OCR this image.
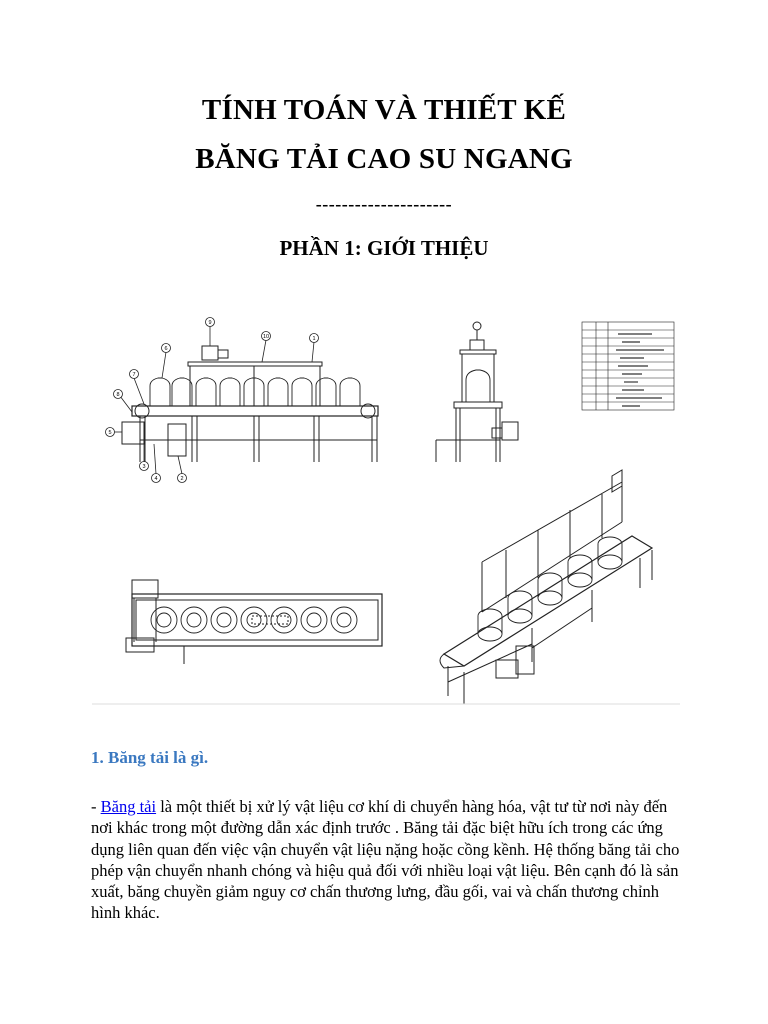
TÍNH TOÁN VÀ THIẾT KẾ
BĂNG TẢI CAO SU NGANG
---------------------
PHẦN 1: GIỚI THIỆU
9
10	1
6
7
8
5
3
4	2
1. Băng tải là gì.
- Băng tải là một thiết bị xử lý vật liệu cơ khí di chuyển hàng hóa, vật tư từ nơi này đến nơi khác trong một đường dẫn xác định trước . Băng tải đặc biệt hữu ích trong các ứng dụng liên quan đến việc vận chuyển vật liệu nặng hoặc cồng kềnh. Hệ thống băng tải cho phép vận chuyển nhanh chóng và hiệu quả đối với nhiều loại vật liệu. Bên cạnh đó là sản xuất, băng chuyền giảm nguy cơ chấn thương lưng, đầu gối, vai và chấn thương chỉnh hình khác.
